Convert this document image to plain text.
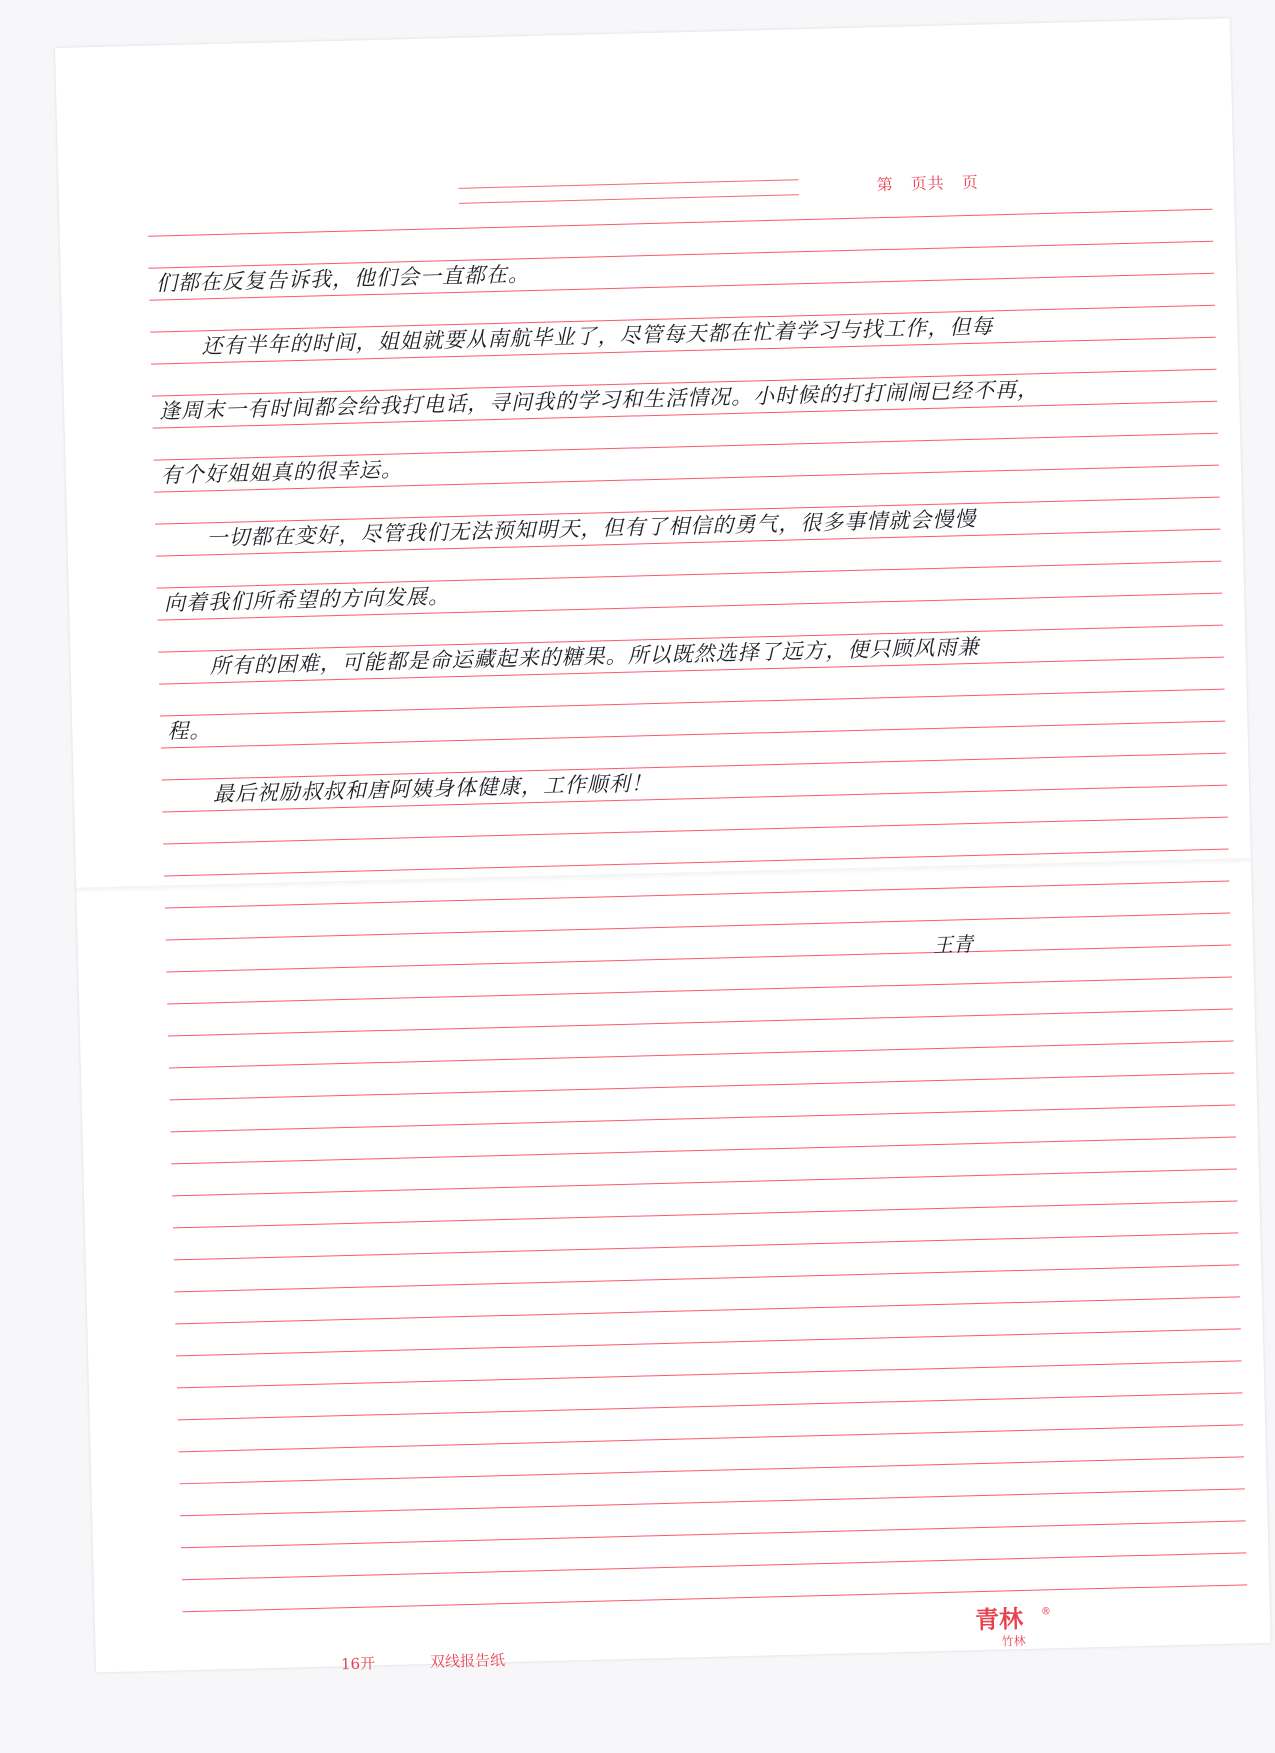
第　页共　页

们都在反复告诉我，他们会一直都在。

　　还有半年的时间，姐姐就要从南航毕业了，尽管每天都在忙着学习与找工作，但每

逢周末一有时间都会给我打电话，寻问我的学习和生活情况。小时候的打打闹闹已经不再，

有个好姐姐真的很幸运。

　　一切都在变好，尽管我们无法预知明天，但有了相信的勇气，很多事情就会慢慢

向着我们所希望的方向发展。

　　所有的困难，可能都是命运藏起来的糖果。所以既然选择了远方，便只顾风雨兼

程。

　　最后祝励叔叔和唐阿姨身体健康，工作顺利！

王青
16开	双线报告纸
青林
竹林
®
